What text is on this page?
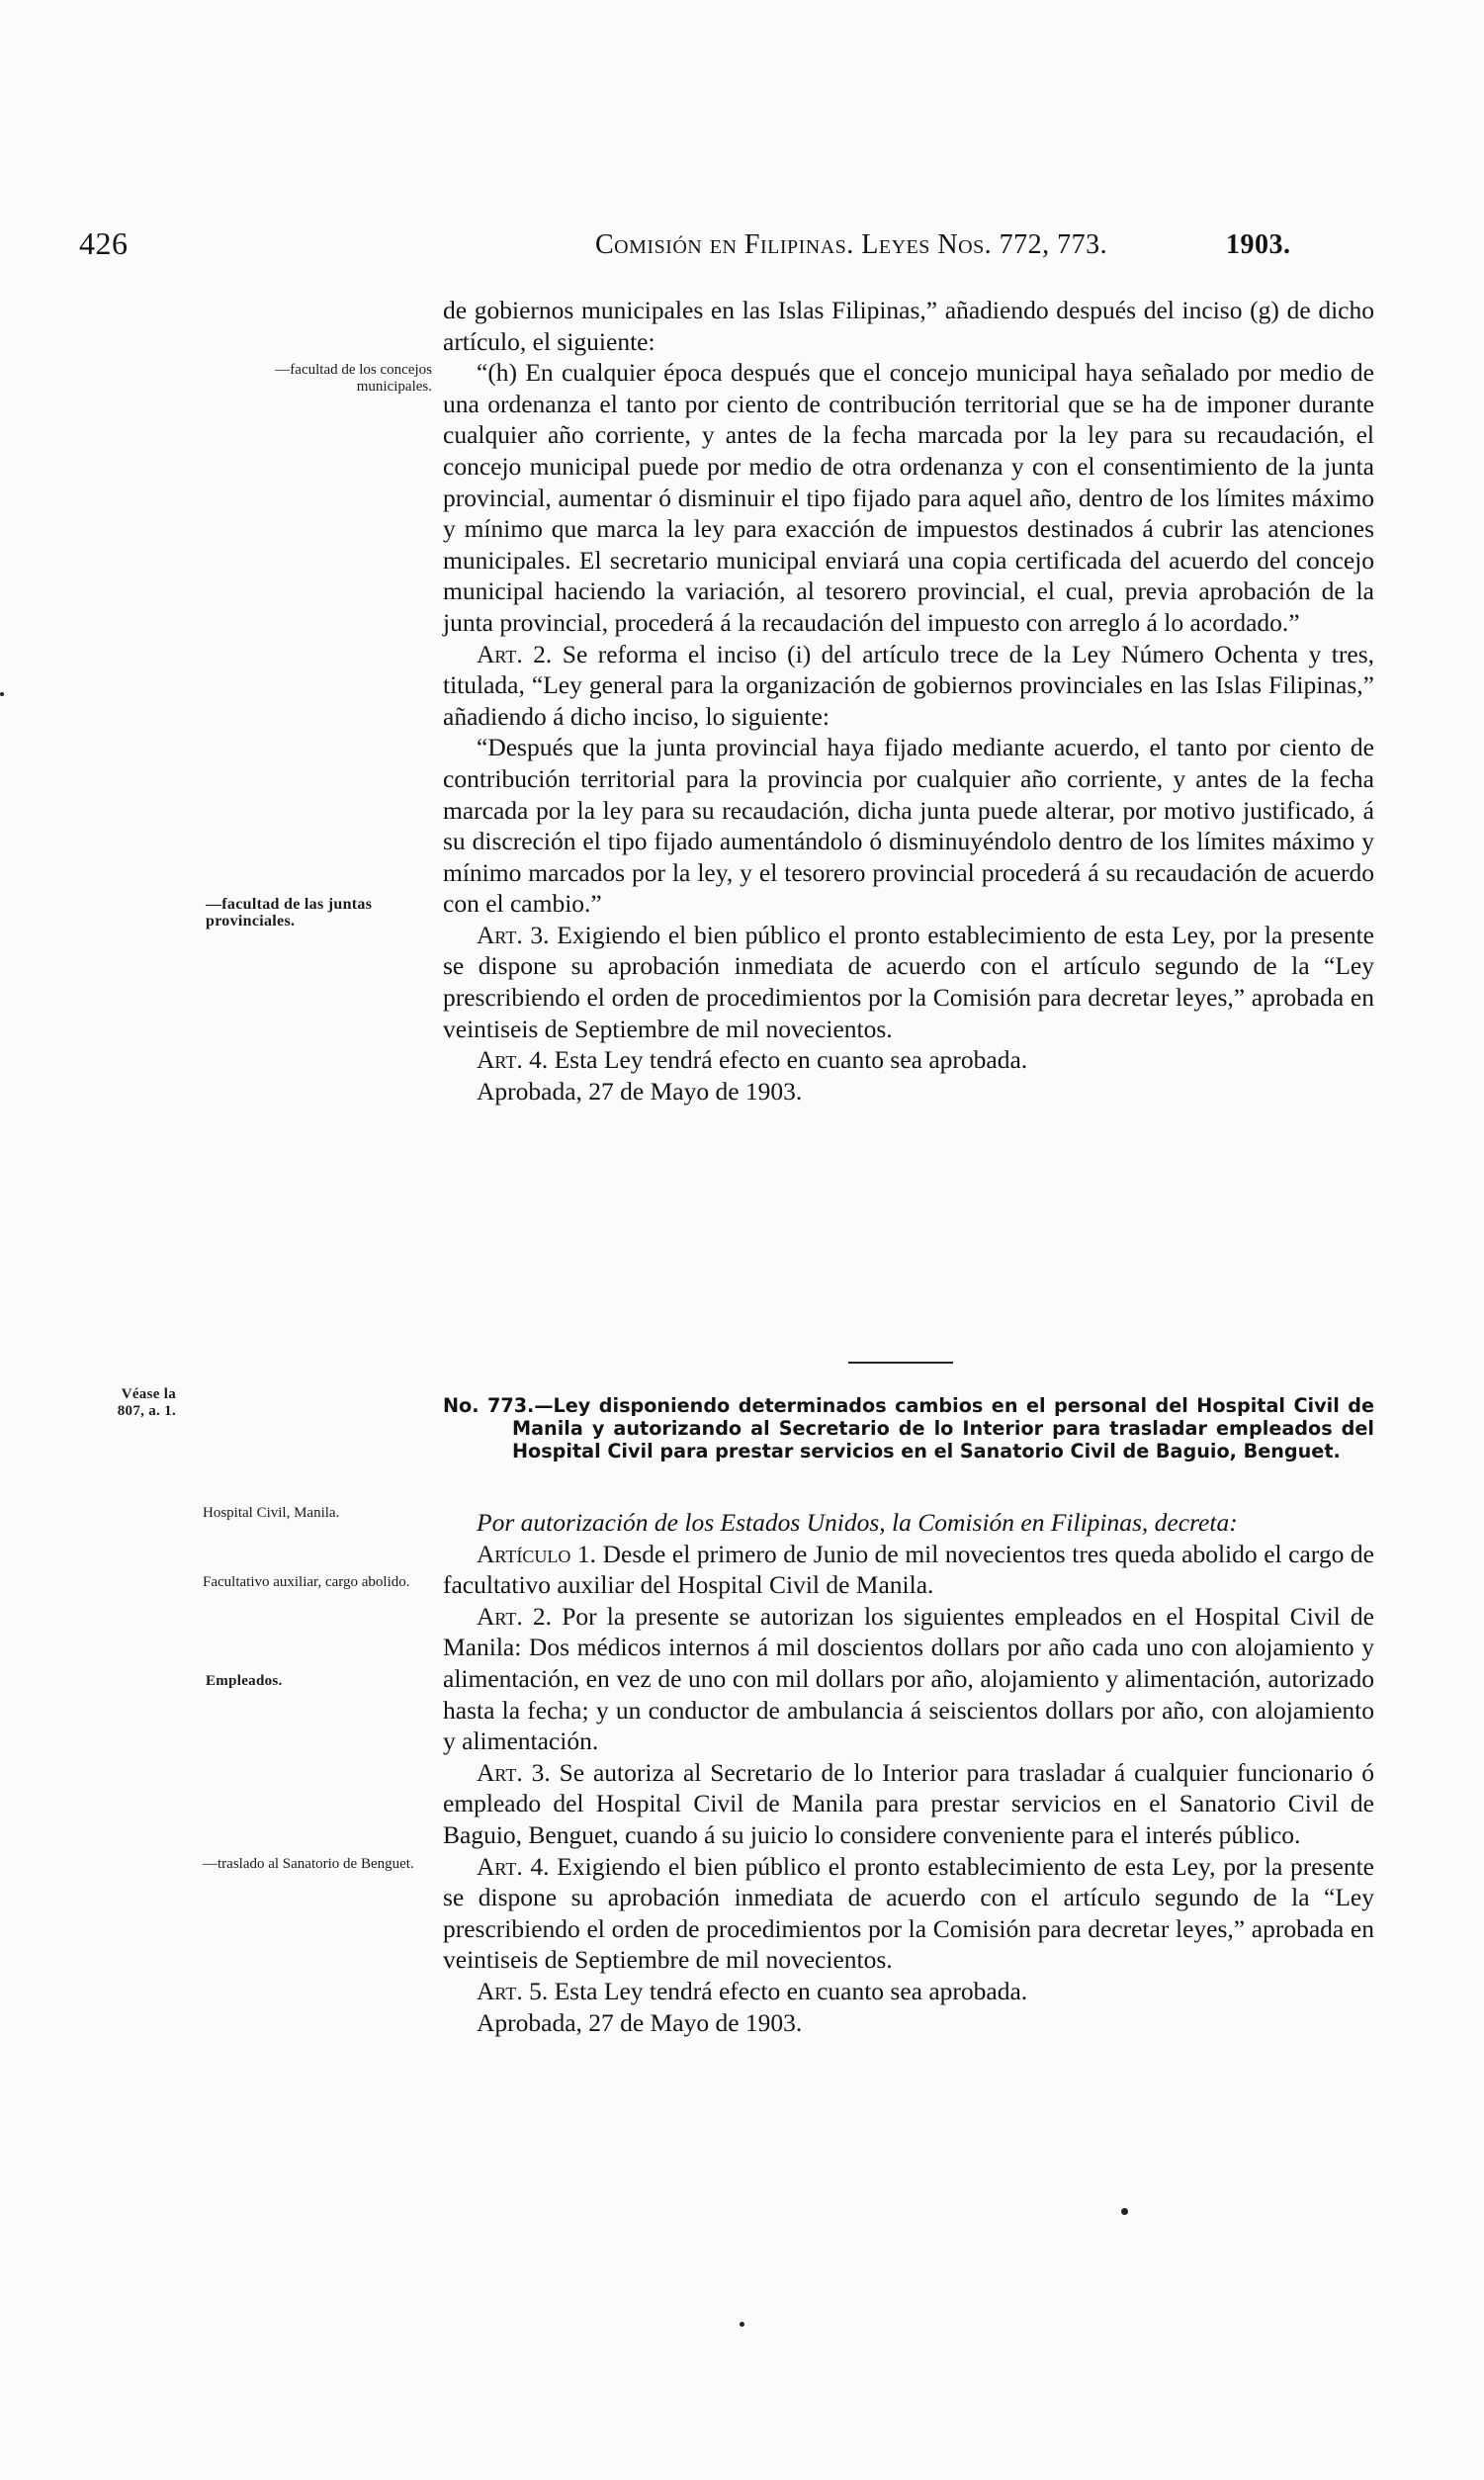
426	Comisión en Filipinas. Leyes Nos. 772, 773.	1903.
—facultad de los concejos municipales.
—facultad de las juntas provinciales.
Véase la
807, a. 1.
Hospital Civil, Manila.
Facultativo auxiliar, cargo abolido.
Empleados.
—traslado al Sanatorio de Benguet.

de gobiernos municipales en las Islas Filipinas,” añadiendo después del inciso (g) de dicho artículo, el siguiente:

“(h) En cualquier época después que el concejo municipal haya señalado por medio de una ordenanza el tanto por ciento de contribución territorial que se ha de imponer durante cualquier año corriente, y antes de la fecha marcada por la ley para su recaudación, el concejo municipal puede por medio de otra ordenanza y con el consentimiento de la junta provincial, aumentar ó disminuir el tipo fijado para aquel año, dentro de los límites máximo y mínimo que marca la ley para exacción de impuestos destinados á cubrir las atenciones municipales. El secretario municipal enviará una copia certificada del acuerdo del concejo municipal haciendo la variación, al tesorero provincial, el cual, previa aprobación de la junta provincial, procederá á la recaudación del impuesto con arreglo á lo acordado.”

Art. 2. Se reforma el inciso (i) del artículo trece de la Ley Número Ochenta y tres, titulada, “Ley general para la organización de gobiernos provinciales en las Islas Filipinas,” añadiendo á dicho inciso, lo siguiente:

“Después que la junta provincial haya fijado mediante acuerdo, el tanto por ciento de contribución territorial para la provincia por cualquier año corriente, y antes de la fecha marcada por la ley para su recaudación, dicha junta puede alterar, por motivo justificado, á su discreción el tipo fijado aumentándolo ó disminuyéndolo dentro de los límites máximo y mínimo marcados por la ley, y el tesorero provincial procederá á su recaudación de acuerdo con el cambio.”

Art. 3. Exigiendo el bien público el pronto establecimiento de esta Ley, por la presente se dispone su aprobación inmediata de acuerdo con el artículo segundo de la “Ley prescribiendo el orden de procedimientos por la Comisión para decretar leyes,” aprobada en veintiseis de Septiembre de mil novecientos.

Art. 4. Esta Ley tendrá efecto en cuanto sea aprobada.

Aprobada, 27 de Mayo de 1903.

No. 773.—Ley disponiendo determinados cambios en el personal del Hospital Civil de Manila y autorizando al Secretario de lo Interior para trasladar empleados del Hospital Civil para prestar servicios en el Sanatorio Civil de Baguio, Benguet.

Por autorización de los Estados Unidos, la Comisión en Filipinas, decreta:

Artículo 1. Desde el primero de Junio de mil novecientos tres queda abolido el cargo de facultativo auxiliar del Hospital Civil de Manila.

Art. 2. Por la presente se autorizan los siguientes empleados en el Hospital Civil de Manila: Dos médicos internos á mil doscientos dollars por año cada uno con alojamiento y alimentación, en vez de uno con mil dollars por año, alojamiento y alimentación, autorizado hasta la fecha; y un conductor de ambulancia á seiscientos dollars por año, con alojamiento y alimentación.

Art. 3. Se autoriza al Secretario de lo Interior para trasladar á cualquier funcionario ó empleado del Hospital Civil de Manila para prestar servicios en el Sanatorio Civil de Baguio, Benguet, cuando á su juicio lo considere conveniente para el interés público.

Art. 4. Exigiendo el bien público el pronto establecimiento de esta Ley, por la presente se dispone su aprobación inmediata de acuerdo con el artículo segundo de la “Ley prescribiendo el orden de procedimientos por la Comisión para decretar leyes,” aprobada en veintiseis de Septiembre de mil novecientos.

Art. 5. Esta Ley tendrá efecto en cuanto sea aprobada.

Aprobada, 27 de Mayo de 1903.
